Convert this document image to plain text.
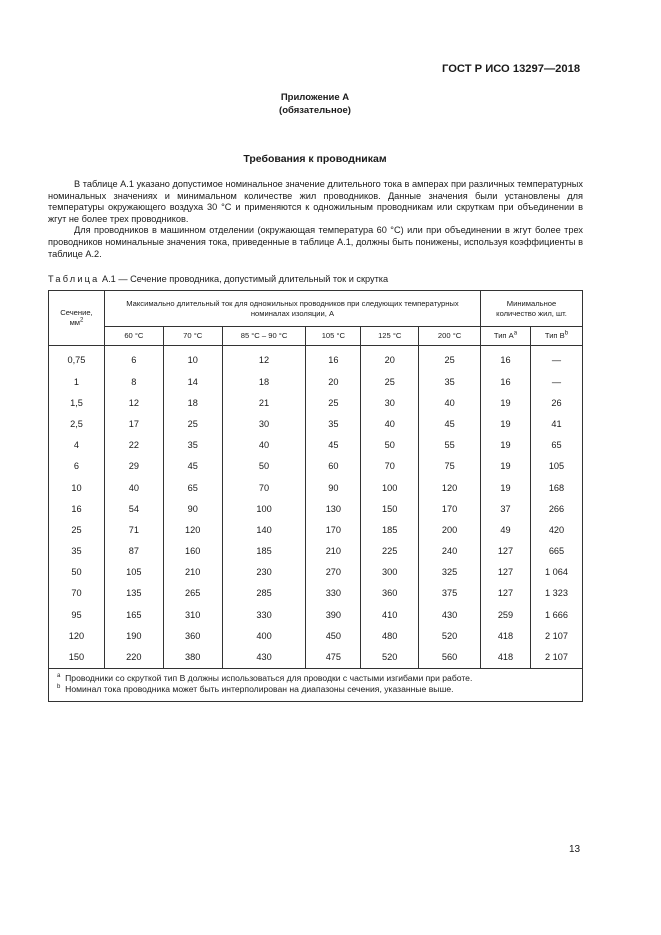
ГОСТ Р ИСО 13297—2018
Приложение А
(обязательное)
Требования к проводникам

В таблице А.1 указано допустимое номинальное значение длительного тока в амперах при различных температурных номинальных значениях и минимальном количестве жил проводников. Данные значения были установлены для температуры окружающего воздуха 30 °С и применяются к одножильным проводникам или скруткам при объединении в жгут не более трех проводников.

Для проводников в машинном отделении (окружающая температура 60 °С) или при объединении в жгут более трех проводников номинальные значения тока, приведенные в таблице А.1, должны быть понижены, используя коэффициенты в таблице А.2.

Таблица А.1 — Сечение проводника, допустимый длительный ток и скрутка
Сечение,
$мм^2$	Максимально длительный ток для одножильных проводников при следующих температурных номиналах изоляции, А						Минимальное количество жил, шт.	
	60 °С	70 °С	85 °С – 90 °С	105 °С	125 °С	200 °С	Тип $А^a$	Тип $В^b$
0,75	6	10	12	16	20	25	16	—
1	8	14	18	20	25	35	16	—
1,5	12	18	21	25	30	40	19	26
2,5	17	25	30	35	40	45	19	41
4	22	35	40	45	50	55	19	65
6	29	45	50	60	70	75	19	105
10	40	65	70	90	100	120	19	168
16	54	90	100	130	150	170	37	266
25	71	120	140	170	185	200	49	420
35	87	160	185	210	225	240	127	665
50	105	210	230	270	300	325	127	1 064
70	135	265	285	330	360	375	127	1 323
95	165	310	330	390	410	430	259	1 666
120	190	360	400	450	480	520	418	2 107
150	220	380	430	475	520	560	418	2 107

$^a$ Проводники со скруткой тип В должны использоваться для проводки с частыми изгибами при работе.
$^b$ Номинал тока проводника может быть интерполирован на диапазоны сечения, указанные выше.								
13
